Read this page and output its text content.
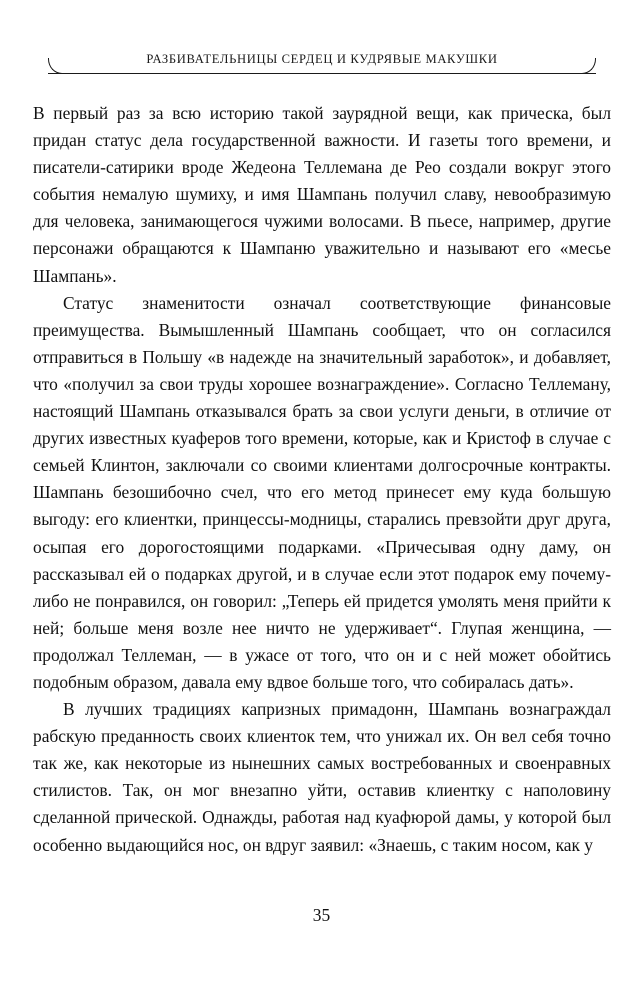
РАЗБИВАТЕЛЬНИЦЫ СЕРДЕЦ И КУДРЯВЫЕ МАКУШКИ

В первый раз за всю историю такой заурядной вещи, как прическа, был придан статус дела государственной важности. И газеты того времени, и писатели-сатирики вроде Жедеона Теллемана де Рео создали вокруг этого события немалую шумиху, и имя Шампань получил славу, невообразимую для человека, занимающегося чужими волосами. В пьесе, например, другие персонажи обращаются к Шампаню уважительно и называют его «месье Шампань».

Статус знаменитости означал соответствующие финансовые преимущества. Вымышленный Шампань сообщает, что он согласился отправиться в Польшу «в надежде на значительный заработок», и добавляет, что «получил за свои труды хорошее вознаграждение». Согласно Теллеману, настоящий Шампань отказывался брать за свои услуги деньги, в отличие от других известных куаферов того времени, которые, как и Кристоф в случае с семьей Клинтон, заключали со своими клиентами долгосрочные контракты. Шампань безошибочно счел, что его метод принесет ему куда большую выгоду: его клиентки, принцессы-модницы, старались превзойти друг друга, осыпая его дорогостоящими подарками. «Причесывая одну даму, он рассказывал ей о подарках другой, и в случае если этот подарок ему почему-либо не понравился, он говорил: „Теперь ей придется умолять меня прийти к ней; больше меня возле нее ничто не удерживает“. Глупая женщина, — продолжал Теллеман, — в ужасе от того, что он и с ней может обойтись подобным образом, давала ему вдвое больше того, что собиралась дать».

В лучших традициях капризных примадонн, Шампань вознаграждал рабскую преданность своих клиенток тем, что унижал их. Он вел себя точно так же, как некоторые из нынешних самых востребованных и своенравных стилистов. Так, он мог внезапно уйти, оставив клиентку с наполовину сделанной прической. Однажды, работая над куафюрой дамы, у которой был особенно выдающийся нос, он вдруг заявил: «Знаешь, с таким носом, как у

35
